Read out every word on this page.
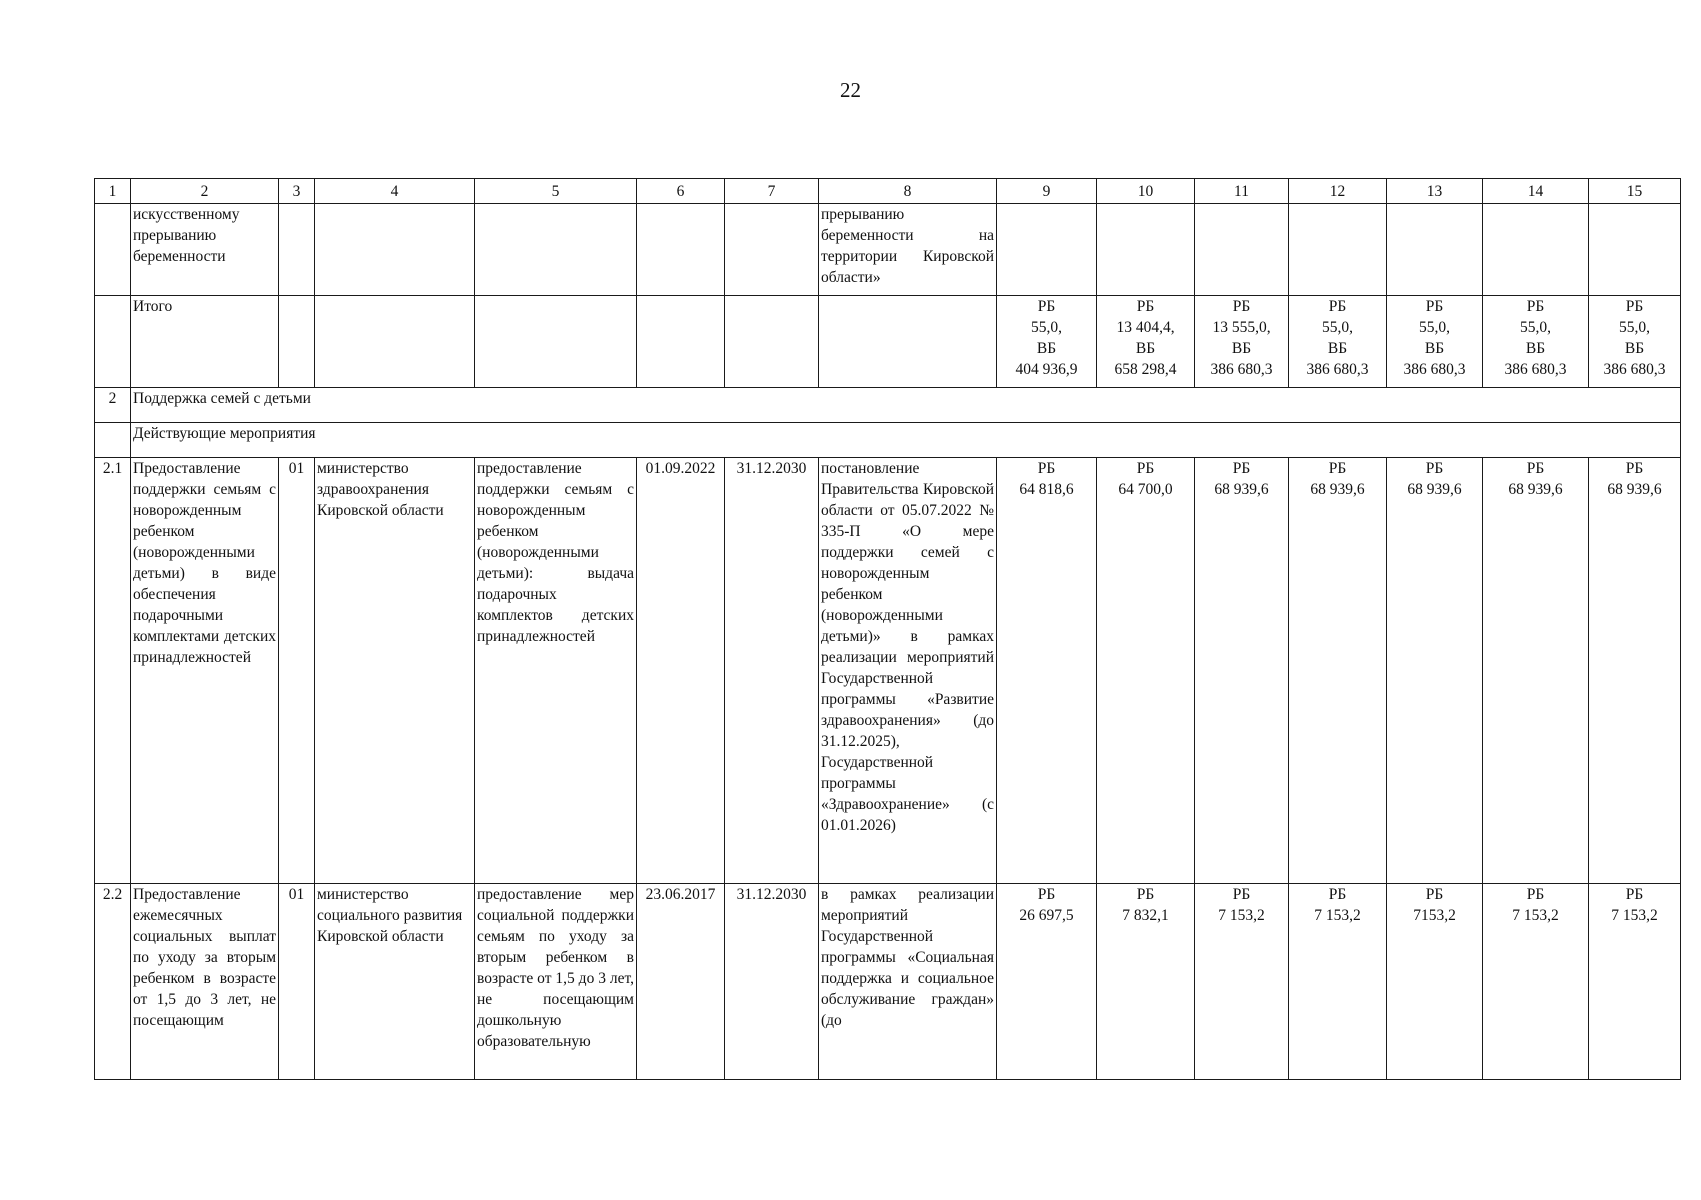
22
1	2	3	4	5	6	7	8	9	10	11	12	13	14	15
	искусственному прерыванию беременности						прерыванию беременности на территории Кировской области»							
	Итого							РБ
55,0,
ВБ
404 936,9	РБ
13 404,4,
ВБ
658 298,4	РБ
13 555,0,
ВБ
386 680,3	РБ
55,0,
ВБ
386 680,3	РБ
55,0,
ВБ
386 680,3	РБ
55,0,
ВБ
386 680,3	РБ
55,0,
ВБ
386 680,3
2	Поддержка семей с детьми													
	Действующие мероприятия													
2.1	Предоставление поддержки семьям с новорожденным ребенком (новорожденными детьми) в виде обеспечения подарочными комплектами детских принадлежностей	01	министерство здравоохранения Кировской области	предоставление поддержки семьям с новорожденным ребенком (новорожденными детьми): выдача подарочных комплектов детских принадлежностей	01.09.2022	31.12.2030	постановление Правительства Кировской области от 05.07.2022 № 335-П «О мере поддержки семей с новорожденным ребенком (новорожденными детьми)» в рамках реализации мероприятий Государственной программы «Развитие здравоохранения» (до 31.12.2025), Государственной программы «Здравоохранение» (с 01.01.2026)	РБ
64 818,6	РБ
64 700,0	РБ
68 939,6	РБ
68 939,6	РБ
68 939,6	РБ
68 939,6	РБ
68 939,6
2.2	Предоставление ежемесячных социальных выплат по уходу за вторым ребенком в возрасте от 1,5 до 3 лет, не посещающим	01	министерство социального развития Кировской области	предоставление мер социальной поддержки семьям по уходу за вторым ребенком в возрасте от 1,5 до 3 лет, не посещающим дошкольную образовательную	23.06.2017	31.12.2030	в рамках реализации мероприятий Государственной программы «Социальная поддержка и социальное обслуживание граждан» (до	РБ
26 697,5	РБ
7 832,1	РБ
7 153,2	РБ
7 153,2	РБ
7153,2	РБ
7 153,2	РБ
7 153,2
